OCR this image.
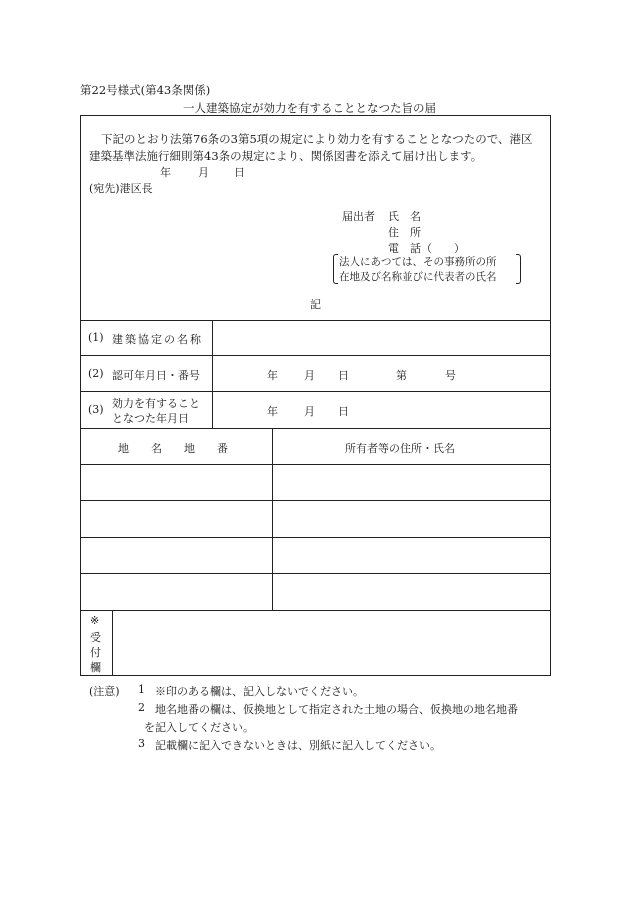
第22号様式(第43条関係)
一人建築協定が効力を有することとなつた旨の届
下記のとおり法第76条の3第5項の規定により効力を有することとなつたので、港区
建築基準法施行細則第43条の規定により、関係図書を添えて届け出します。
年 月 日
(宛先)港区長
届出者 氏　名
住　所
電　話（　　）
法人にあつては、その事務所の所
在地及び名称並びに代表者の氏名
記
(1) 建築協定の名称
(2) 認可年月日・番号	年 月 日	第	号
(3) 効力を有すること
となつた年月日
年 月 日
地　　名　　地　　番	所有者等の住所・氏名
※
受
付
欄
(注意) 1 ※印のある欄は、記入しないでください。
2 地名地番の欄は、仮換地として指定された土地の場合、仮換地の地名地番
を記入してください。
3 記載欄に記入できないときは、別紙に記入してください。
